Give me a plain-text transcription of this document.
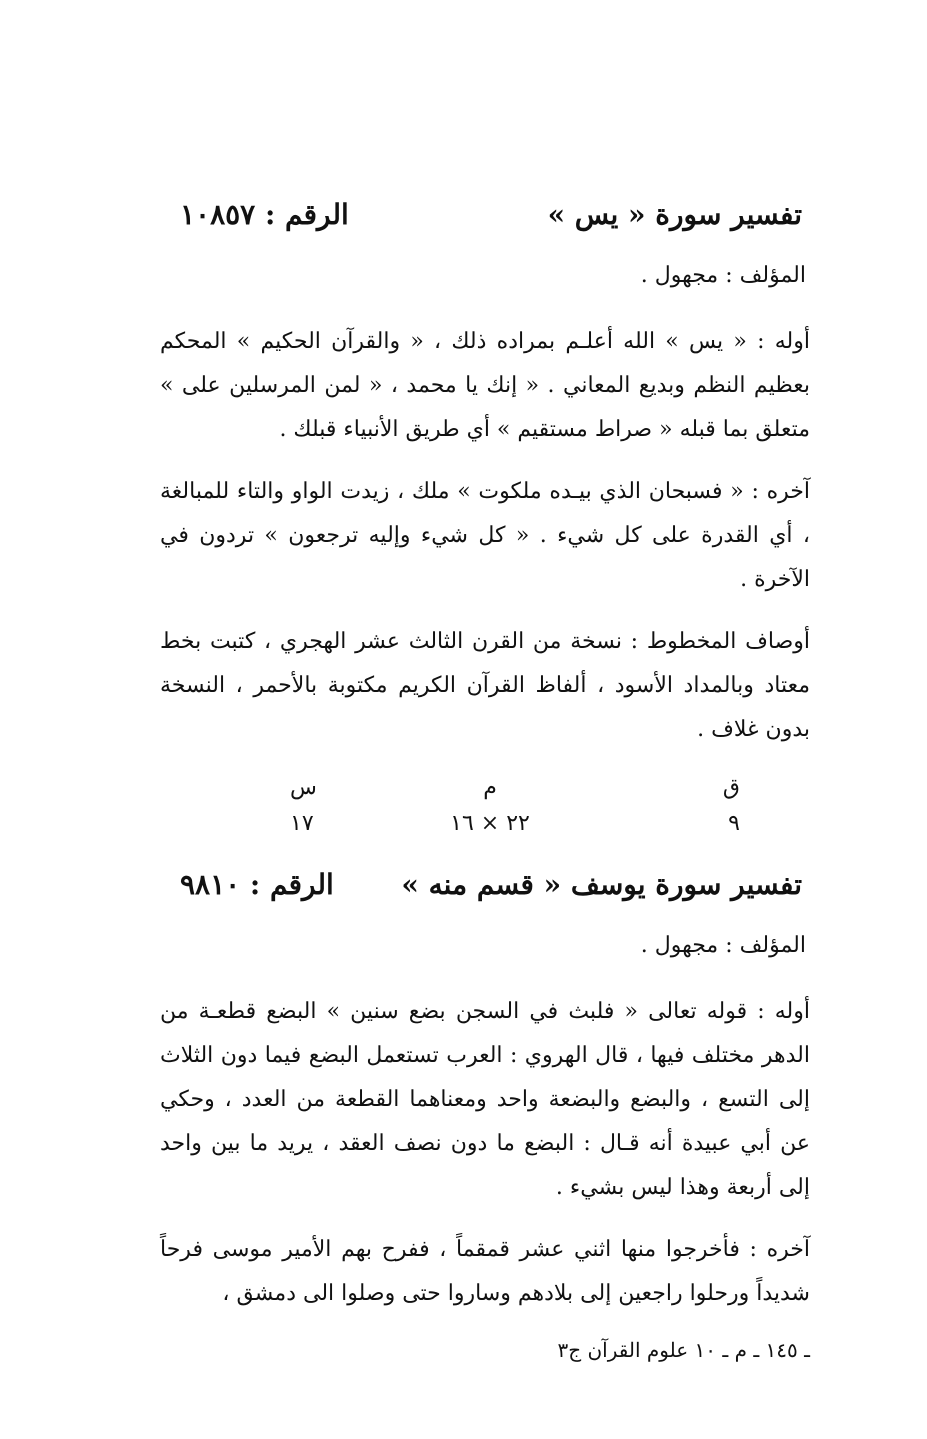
تفسير سورة « يس »
الرقم : ١٠٨٥٧

المؤلف : مجهول .

أوله : « يس » الله أعلـم بمراده ذلك ، « والقرآن الحكيم » المحكم بعظيم النظم وبديع المعاني . « إنك يا محمد ، « لمن المرسلين على » متعلق بما قبله « صراط مستقيم » أي طريق الأنبياء قبلك .

آخره : « فسبحان الذي بيـده ملكوت » ملك ، زيدت الواو والتاء للمبالغة ، أي القدرة على كل شيء . « كل شيء وإليه ترجعون » تردون في الآخرة .

أوصاف المخطوط : نسخة من القرن الثالث عشر الهجري ، كتبت بخط معتاد وبالمداد الأسود ، ألفاظ القرآن الكريم مكتوبة بالأحمر ، النسخة بدون غلاف .

ق
م
س
٩
٢٢ × ١٦
١٧
تفسير سورة يوسف « قسم منه »
الرقم : ٩٨١٠

المؤلف : مجهول .

أوله : قوله تعالى « فلبث في السجن بضع سنين » البضع قطعـة من الدهر مختلف فيها ، قال الهروي : العرب تستعمل البضع فيما دون الثلاث إلى التسع ، والبضع والبضعة واحد ومعناهما القطعة من العدد ، وحكي عن أبي عبيدة أنه قـال : البضع ما دون نصف العقد ، يريد ما بين واحد إلى أربعة وهذا ليس بشيء .

آخره : فأخرجوا منها اثني عشر قمقماً ، ففرح بهم الأمير موسى فرحاً شديداً ورحلوا راجعين إلى بلادهم وساروا حتى وصلوا الى دمشق ،

ـ ١٤٥ ـ م ـ ١٠ علوم القرآن ج٣
